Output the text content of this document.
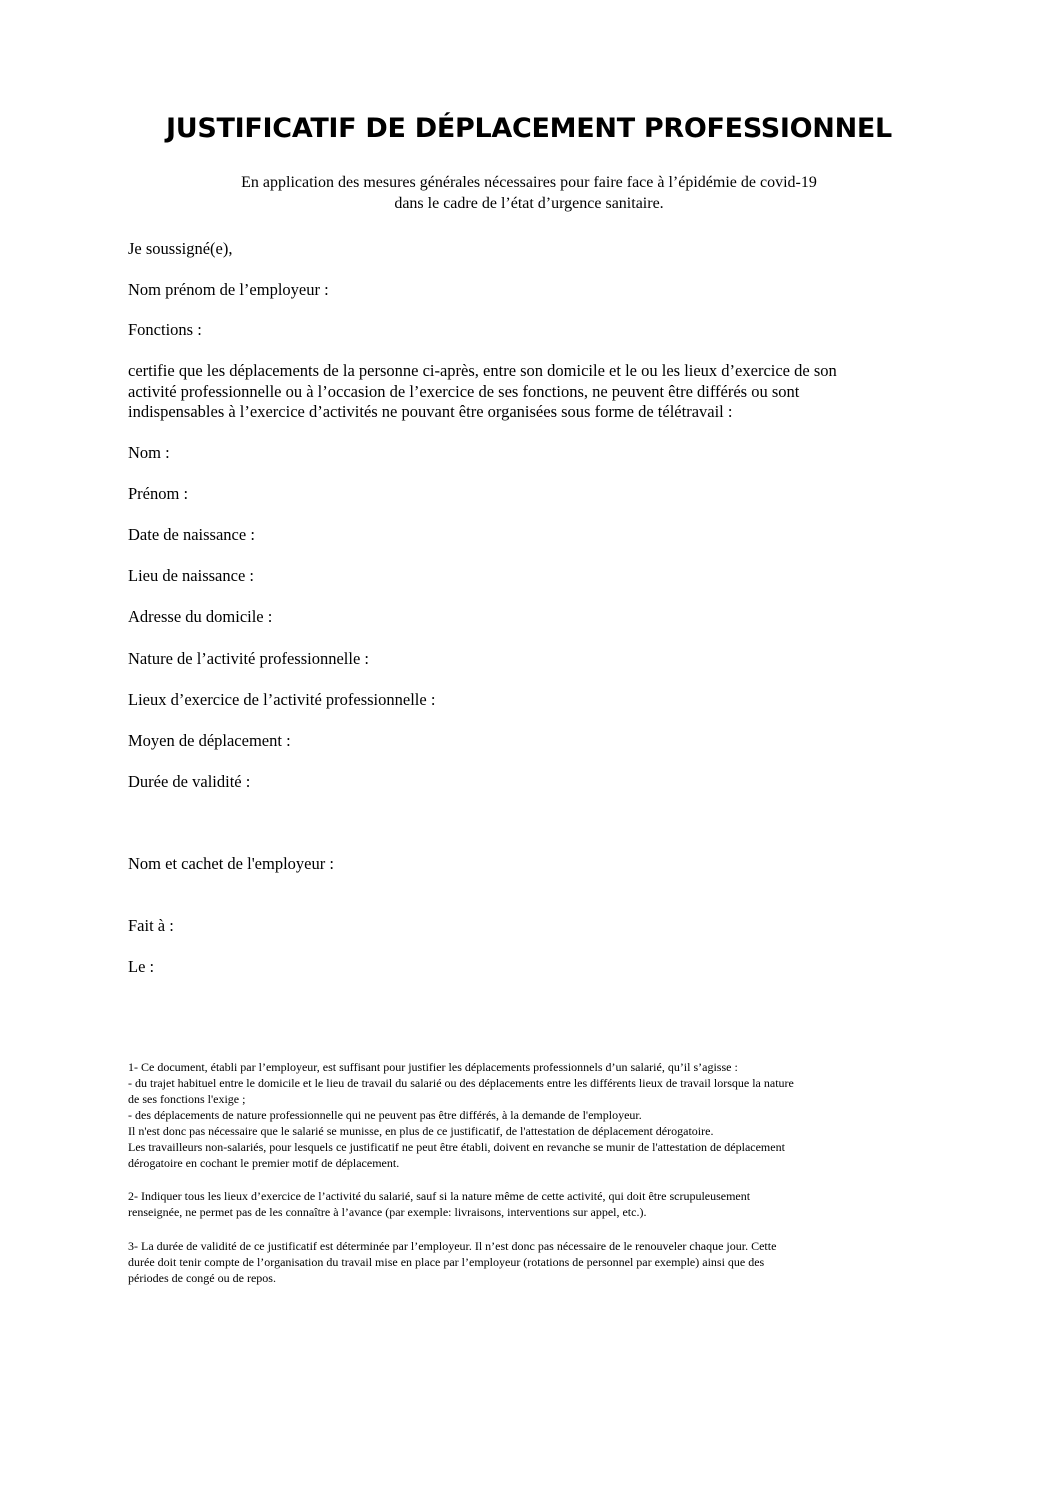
JUSTIFICATIF DE DÉPLACEMENT PROFESSIONNEL
En application des mesures générales nécessaires pour faire face à l’épidémie de covid-19
dans le cadre de l’état d’urgence sanitaire.
Je soussigné(e),
Nom prénom de l’employeur :
Fonctions :
certifie que les déplacements de la personne ci-après, entre son domicile et le ou les lieux d’exercice de son
activité professionnelle ou à l’occasion de l’exercice de ses fonctions, ne peuvent être différés ou sont
indispensables à l’exercice d’activités ne pouvant être organisées sous forme de télétravail :
Nom :
Prénom :
Date de naissance :
Lieu de naissance :
Adresse du domicile :
Nature de l’activité professionnelle :
Lieux d’exercice de l’activité professionnelle :
Moyen de déplacement :
Durée de validité :
Nom et cachet de l'employeur :
Fait à :
Le :
1- Ce document, établi par l’employeur, est suffisant pour justifier les déplacements professionnels d’un salarié, qu’il s’agisse :
- du trajet habituel entre le domicile et le lieu de travail du salarié ou des déplacements entre les différents lieux de travail lorsque la nature
de ses fonctions l'exige ;
- des déplacements de nature professionnelle qui ne peuvent pas être différés, à la demande de l'employeur.
Il n'est donc pas nécessaire que le salarié se munisse, en plus de ce justificatif, de l'attestation de déplacement dérogatoire.
Les travailleurs non-salariés, pour lesquels ce justificatif ne peut être établi, doivent en revanche se munir de l'attestation de déplacement
dérogatoire en cochant le premier motif de déplacement.
2- Indiquer tous les lieux d’exercice de l’activité du salarié, sauf si la nature même de cette activité, qui doit être scrupuleusement
renseignée, ne permet pas de les connaître à l’avance (par exemple: livraisons, interventions sur appel, etc.).
3- La durée de validité de ce justificatif est déterminée par l’employeur. Il n’est donc pas nécessaire de le renouveler chaque jour. Cette
durée doit tenir compte de l’organisation du travail mise en place par l’employeur (rotations de personnel par exemple) ainsi que des
périodes de congé ou de repos.
